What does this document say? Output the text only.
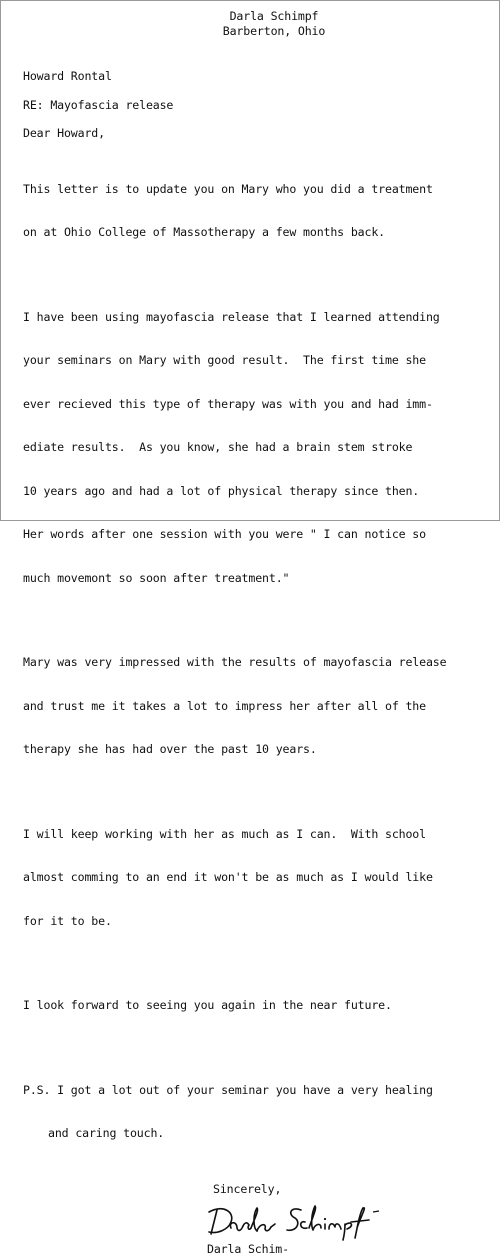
Darla Schimpf
Barberton, Ohio
Howard Rontal
RE: Mayofascia release
Dear Howard,

This letter is to update you on Mary who you did a treatment

on at Ohio College of Massotherapy a few months back.

I have been using mayofascia release that I learned attending

your seminars on Mary with good result.  The first time she

ever recieved this type of therapy was with you and had imm-

ediate results.  As you know, she had a brain stem stroke

10 years ago and had a lot of physical therapy since then.

Her words after one session with you were " I can notice so

much movemont so soon after treatment."

Mary was very impressed with the results of mayofascia release

and trust me it takes a lot to impress her after all of the

therapy she has had over the past 10 years.

I will keep working with her as much as I can.  With school

almost comming to an end it won't be as much as I would like

for it to be.

I look forward to seeing you again in the near future.

P.S. I got a lot out of your seminar you have a very healing

and caring touch.

Sincerely,
Darla Schim-
